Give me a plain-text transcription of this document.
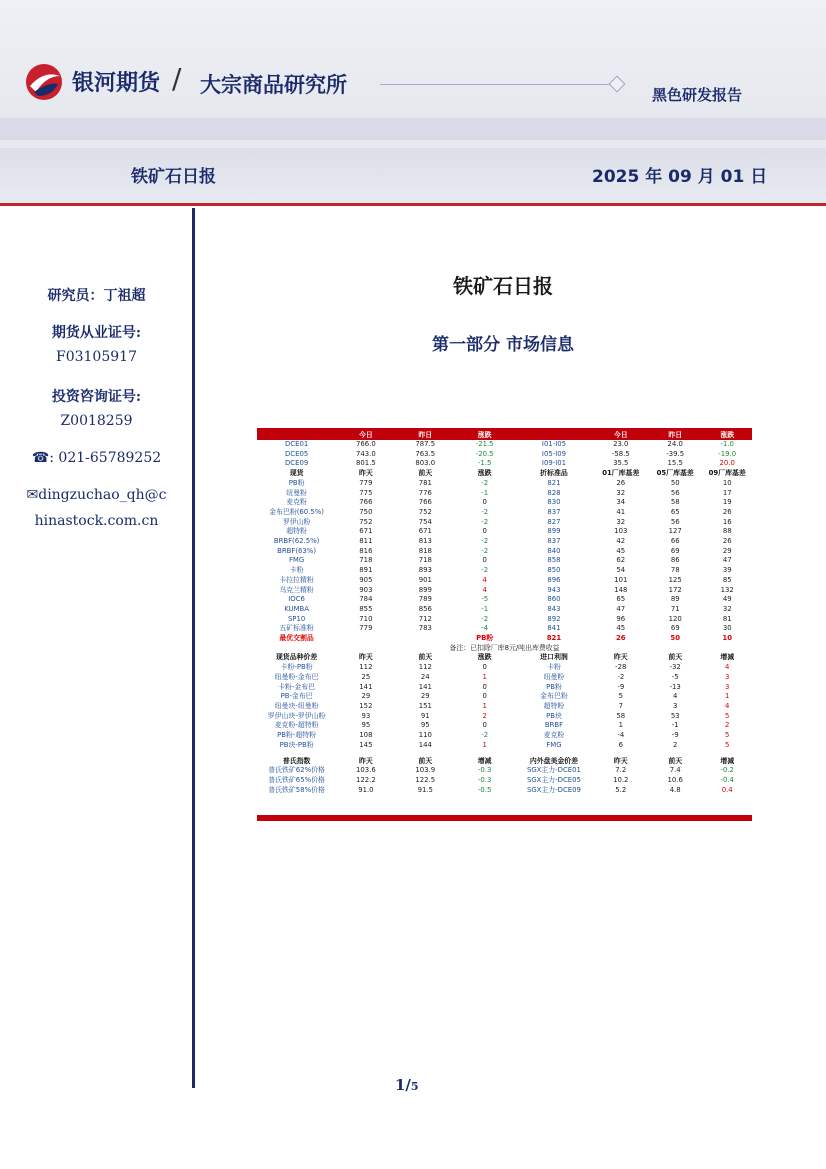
银河期货 / 大宗商品研究所	黑色研发报告
铁矿石日报	2025 年 09 月 01 日
研究员：丁祖超
期货从业证号:
F03105917
投资咨询证号:
Z0018259
☎: 021-65789252
✉dingzuchao_qh@c
hinastock.com.cn
铁矿石日报
第一部分 市场信息
	今日	昨日	涨跌		今日	昨日	涨跌
DCE01	766.0	787.5	-21.5	I01-I05	23.0	24.0	-1.0
DCE05	743.0	763.5	-20.5	I05-I09	-58.5	-39.5	-19.0
DCE09	801.5	803.0	-1.5	I09-I01	35.5	15.5	20.0
现货	昨天	前天	涨跌	折标准品	01厂库基差	05厂库基差	09厂库基差
PB粉	779	781	-2	821	26	50	10
纽曼粉	775	776	-1	828	32	56	17
麦克粉	766	766	0	830	34	58	19
金布巴粉(60.5%)	750	752	-2	837	41	65	26
罗伊山粉	752	754	-2	827	32	56	16
超特粉	671	671	0	899	103	127	88
BRBF(62.5%)	811	813	-2	837	42	66	26
BRBF(63%)	816	818	-2	840	45	69	29
FMG	718	718	0	858	62	86	47
卡粉	891	893	-2	850	54	78	39
卡拉拉精粉	905	901	4	896	101	125	85
乌克兰精粉	903	899	4	943	148	172	132
IOC6	784	789	-5	860	65	89	49
KUMBA	855	856	-1	843	47	71	32
SP10	710	712	-2	892	96	120	81
五矿标准粉	779	783	-4	841	45	69	30
最优交割品			PB粉	821	26	50	10
备注：已扣除厂库8元/吨出库费收益							
现货品种价差	昨天	前天	涨跌	进口利润	昨天	前天	增减
卡粉-PB粉	112	112	0	卡粉	-28	-32	4
纽曼粉-金布巴	25	24	1	纽曼粉	-2	-5	3
卡粉-金布巴	141	141	0	PB粉	-9	-13	3
PB-金布巴	29	29	0	金布巴粉	5	4	1
纽曼块-纽曼粉	152	151	1	超特粉	7	3	4
罗伊山块-罗伊山粉	93	91	2	PB块	58	53	5
麦克粉-超特粉	95	95	0	BRBF	1	-1	2
PB粉-超特粉	108	110	-2	麦克粉	-4	-9	5
PB块-PB粉	145	144	1	FMG	6	2	5

普氏指数	昨天	前天	增减	内外盘美金价差	昨天	前天	增减
普氏铁矿62%价格	103.6	103.9	-0.3	SGX主力-DCE01	7.2	7.4	-0.2
普氏铁矿65%价格	122.2	122.5	-0.3	SGX主力-DCE05	10.2	10.6	-0.4
普氏铁矿58%价格	91.0	91.5	-0.5	SGX主力-DCE09	5.2	4.8	0.4
1/5
